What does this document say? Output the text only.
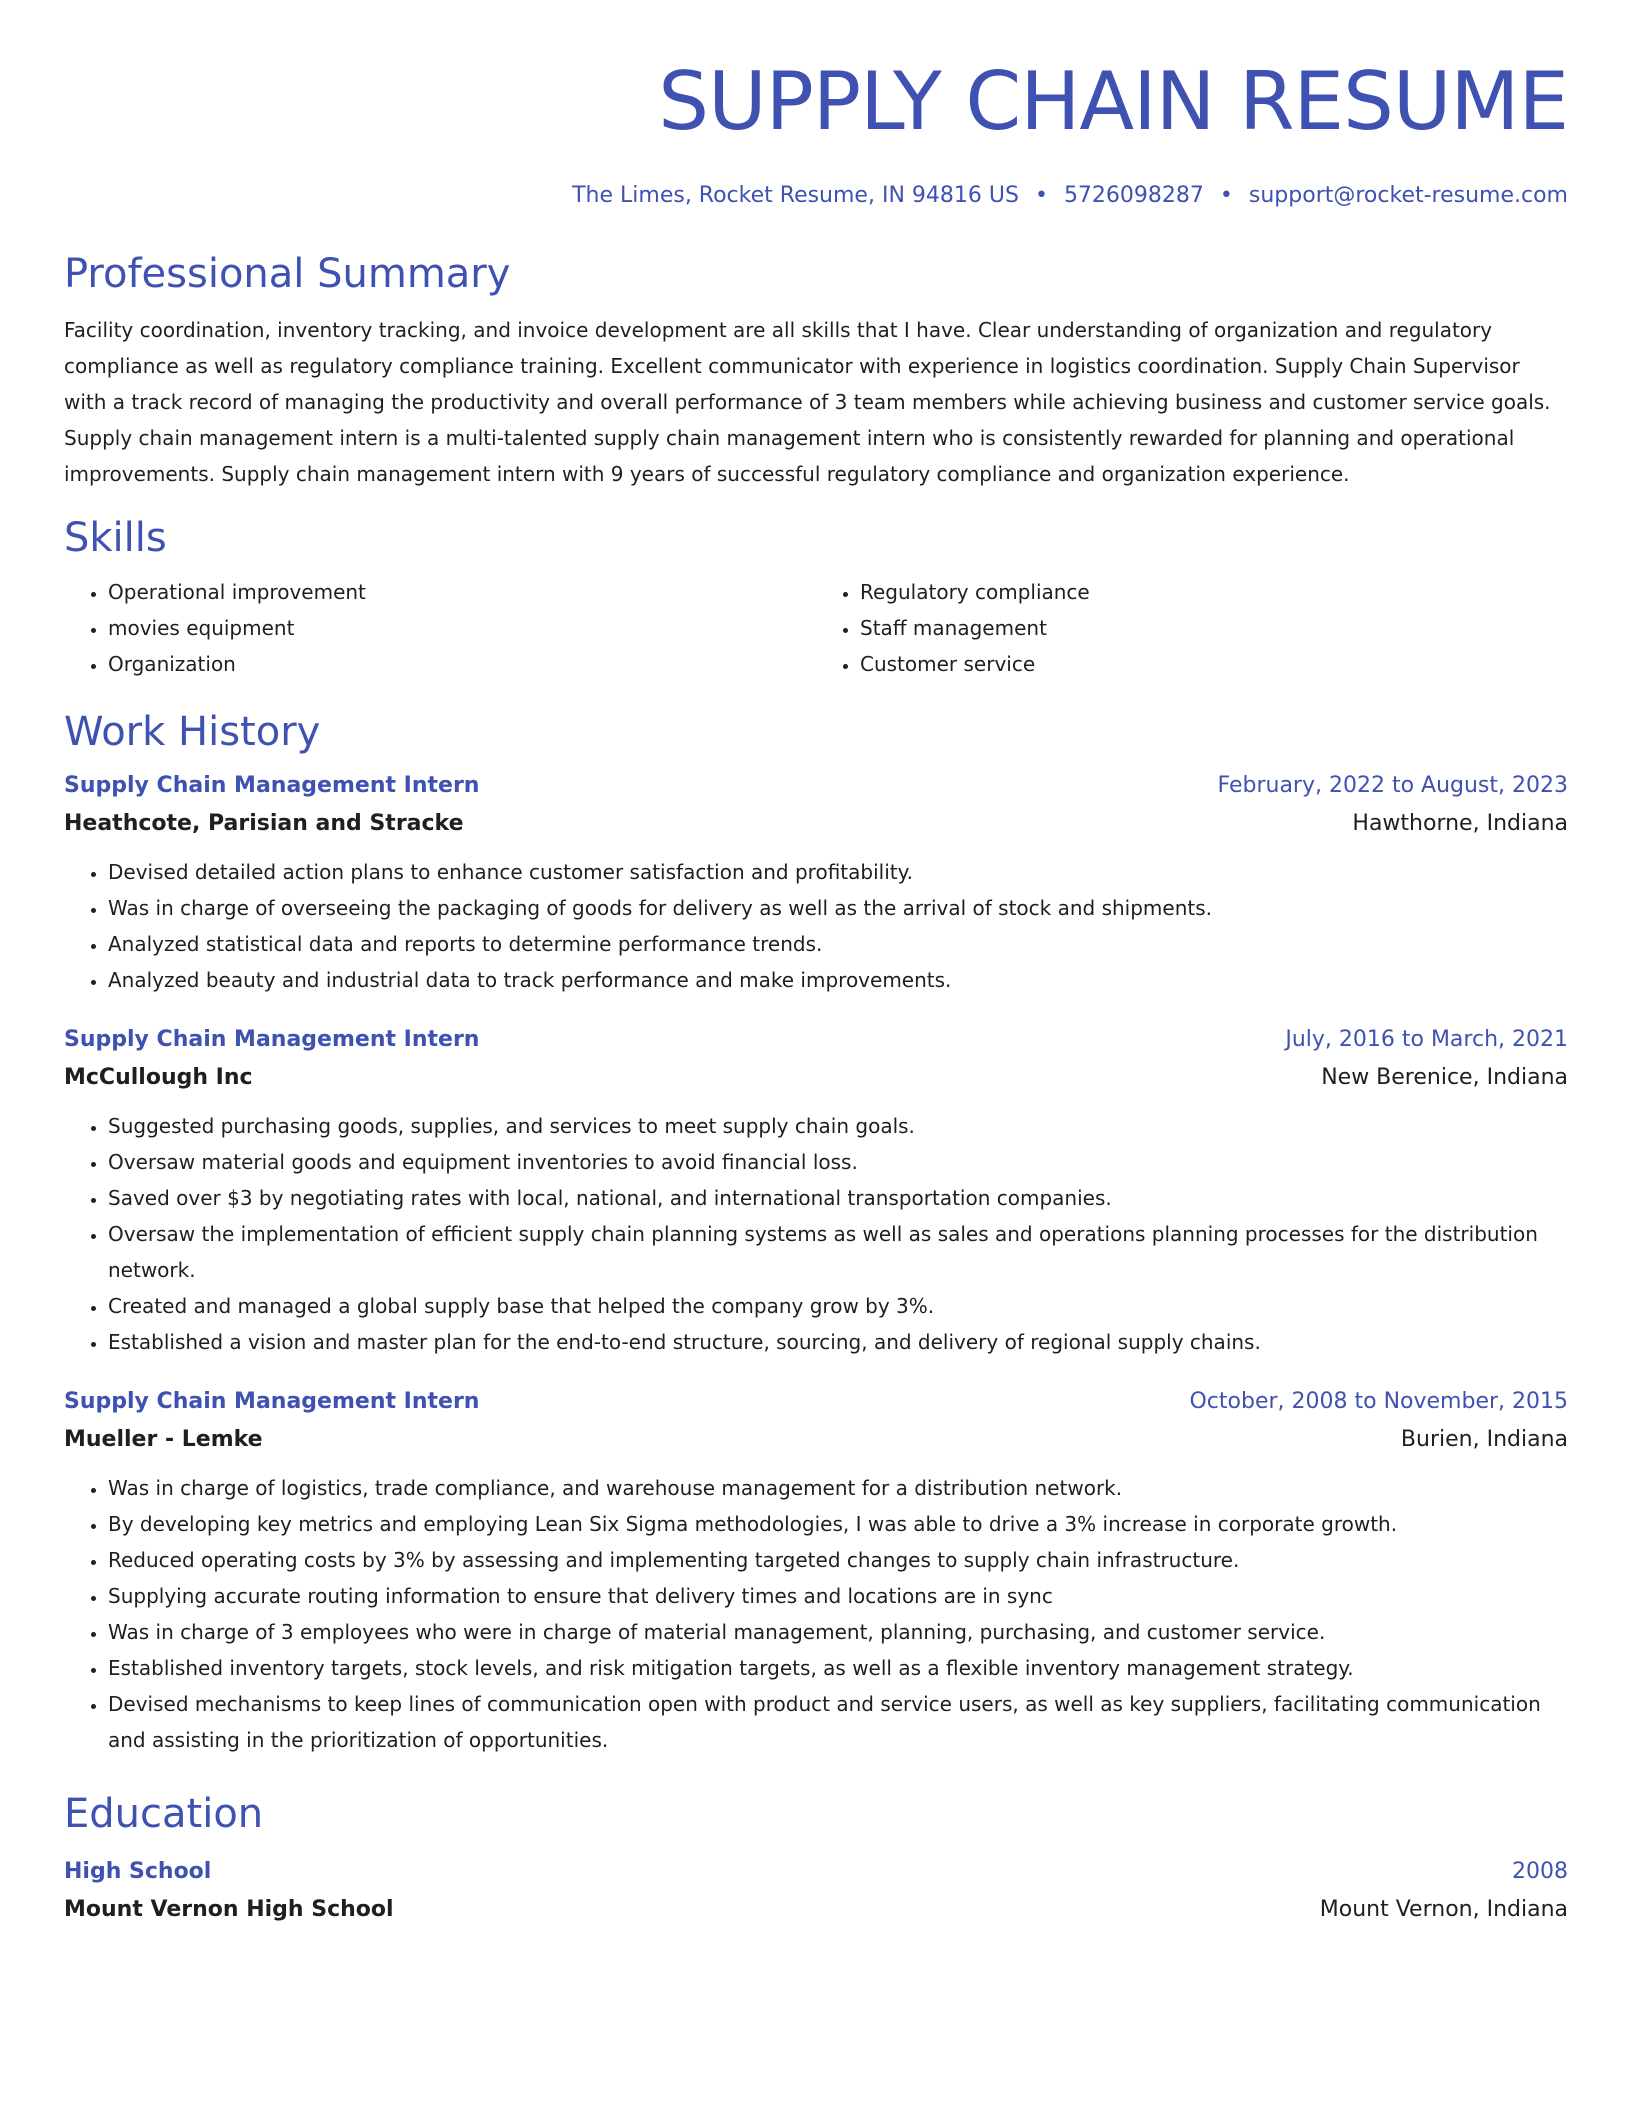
SUPPLY CHAIN RESUME
The Limes, Rocket Resume, IN 94816 US • 5726098287 • support@rocket-resume.com
Professional Summary

Facility coordination, inventory tracking, and invoice development are all skills that I have. Clear understanding of organization and regulatory compliance as well as regulatory compliance training. Excellent communicator with experience in logistics coordination. Supply Chain Supervisor with a track record of managing the productivity and overall performance of 3 team members while achieving business and customer service goals. Supply chain management intern is a multi-talented supply chain management intern who is consistently rewarded for planning and operational improvements. Supply chain management intern with 9 years of successful regulatory compliance and organization experience.

Skills
• Operational improvement
• movies equipment
• Organization
• Regulatory compliance
• Staff management
• Customer service
Work History
Supply Chain Management Intern	February, 2022 to August, 2023
Heathcote, Parisian and Stracke	Hawthorne, Indiana
• Devised detailed action plans to enhance customer satisfaction and profitability.
• Was in charge of overseeing the packaging of goods for delivery as well as the arrival of stock and shipments.
• Analyzed statistical data and reports to determine performance trends.
• Analyzed beauty and industrial data to track performance and make improvements.
Supply Chain Management Intern	July, 2016 to March, 2021
McCullough Inc	New Berenice, Indiana
• Suggested purchasing goods, supplies, and services to meet supply chain goals.
• Oversaw material goods and equipment inventories to avoid financial loss.
• Saved over $3 by negotiating rates with local, national, and international transportation companies.
• Oversaw the implementation of efficient supply chain planning systems as well as sales and operations planning processes for the distribution network.
• Created and managed a global supply base that helped the company grow by 3%.
• Established a vision and master plan for the end-to-end structure, sourcing, and delivery of regional supply chains.
Supply Chain Management Intern	October, 2008 to November, 2015
Mueller - Lemke	Burien, Indiana
• Was in charge of logistics, trade compliance, and warehouse management for a distribution network.
• By developing key metrics and employing Lean Six Sigma methodologies, I was able to drive a 3% increase in corporate growth.
• Reduced operating costs by 3% by assessing and implementing targeted changes to supply chain infrastructure.
• Supplying accurate routing information to ensure that delivery times and locations are in sync
• Was in charge of 3 employees who were in charge of material management, planning, purchasing, and customer service.
• Established inventory targets, stock levels, and risk mitigation targets, as well as a flexible inventory management strategy.
• Devised mechanisms to keep lines of communication open with product and service users, as well as key suppliers, facilitating communication and assisting in the prioritization of opportunities.
Education
High School	2008
Mount Vernon High School	Mount Vernon, Indiana
